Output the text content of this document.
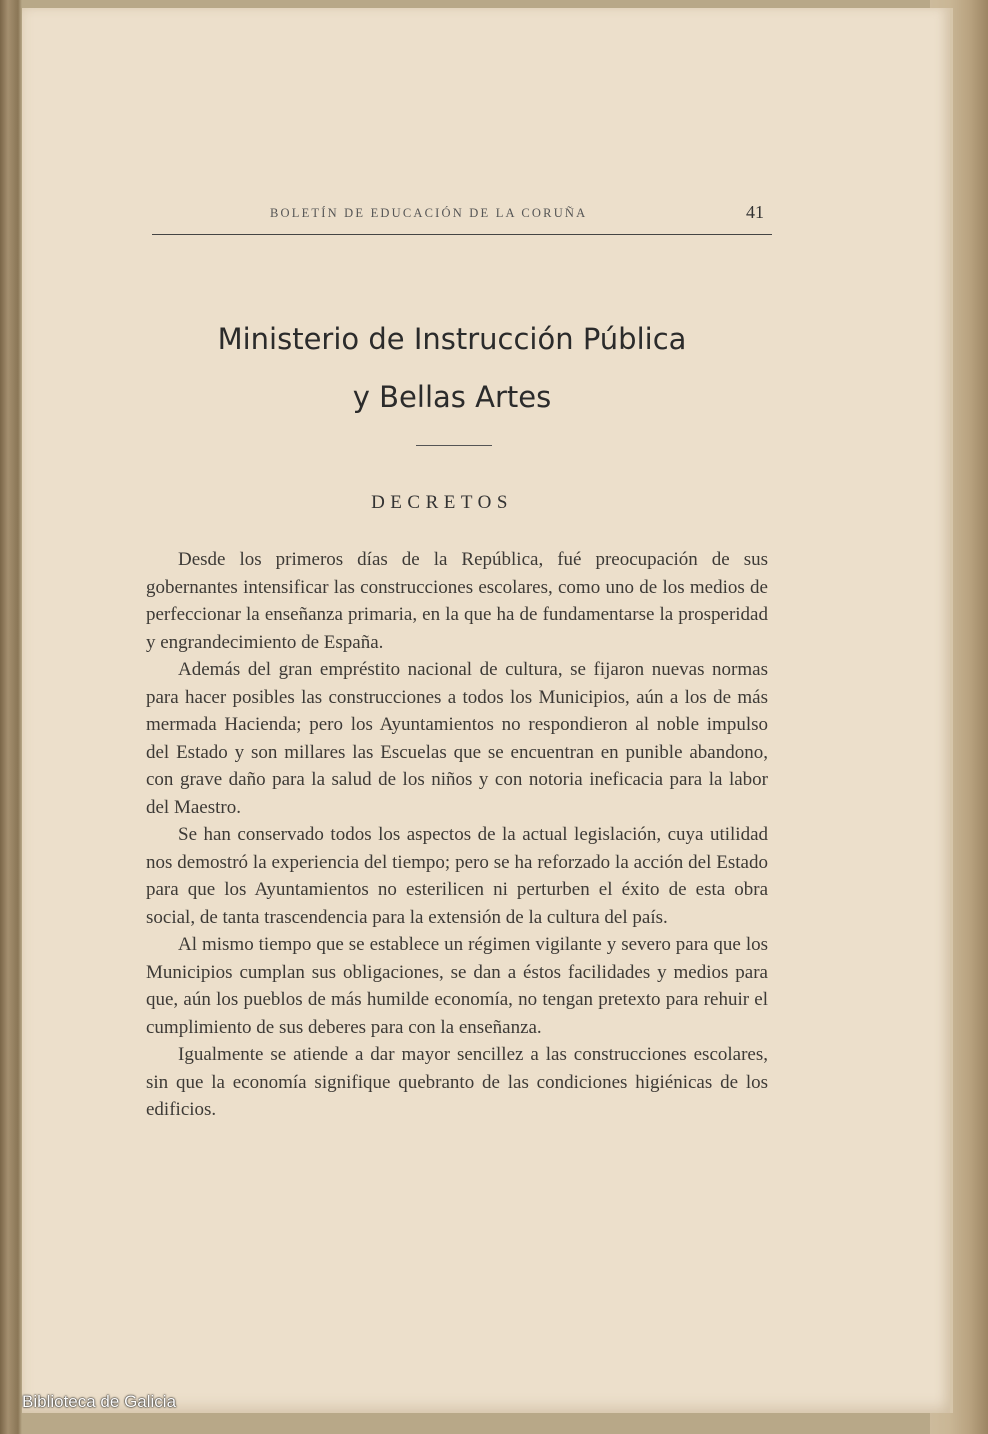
BOLETÍN DE EDUCACIÓN DE LA CORUÑA	41
Ministerio de Instrucción Pública
y Bellas Artes
DECRETOS

Desde los primeros días de la República, fué preocupación de sus gobernantes intensificar las construcciones escolares, como uno de los medios de perfeccionar la enseñanza primaria, en la que ha de fundamentarse la prosperidad y engrandecimiento de España.

Además del gran empréstito nacional de cultura, se fijaron nuevas normas para hacer posibles las construcciones a todos los Municipios, aún a los de más mermada Hacienda; pero los Ayuntamientos no respondieron al noble impulso del Estado y son millares las Escuelas que se encuentran en punible abandono, con grave daño para la salud de los niños y con notoria ineficacia para la labor del Maestro.

Se han conservado todos los aspectos de la actual legislación, cuya utilidad nos demostró la experiencia del tiempo; pero se ha reforzado la acción del Estado para que los Ayuntamientos no esterilicen ni perturben el éxito de esta obra social, de tanta trascendencia para la extensión de la cultura del país.

Al mismo tiempo que se establece un régimen vigilante y severo para que los Municipios cumplan sus obligaciones, se dan a éstos facilidades y medios para que, aún los pueblos de más humilde economía, no tengan pretexto para rehuir el cumplimiento de sus deberes para con la enseñanza.

Igualmente se atiende a dar mayor sencillez a las construcciones escolares, sin que la economía signifique quebranto de las condiciones higiénicas de los edificios.

Biblioteca de Galicia
